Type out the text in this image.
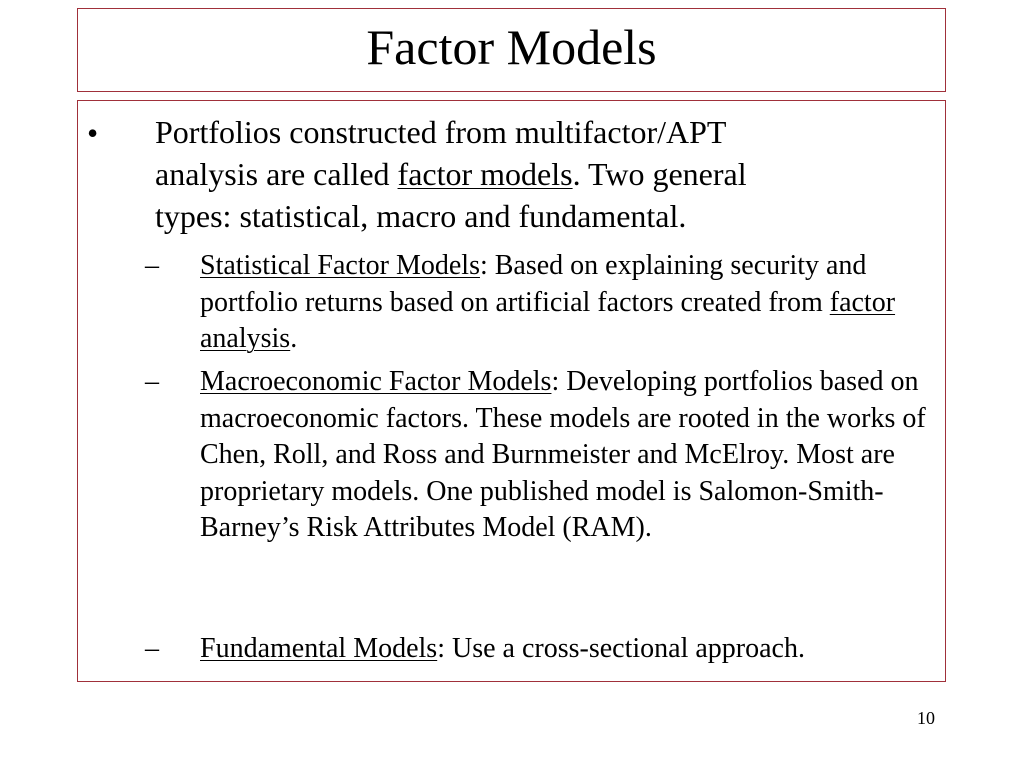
Factor Models
• Portfolios constructed from multifactor/APT
analysis are called factor models. Two general
types: statistical, macro and fundamental.
– Statistical Factor Models: Based on explaining security and portfolio returns based on artificial factors created from factor analysis.
– Macroeconomic Factor Models: Developing portfolios based on macroeconomic factors. These models are rooted in the works of Chen, Roll, and Ross and Burnmeister and McElroy. Most are proprietary models. One published model is Salomon-Smith-Barney’s Risk Attributes Model (RAM).
– Fundamental Models: Use a cross-sectional approach.
10
